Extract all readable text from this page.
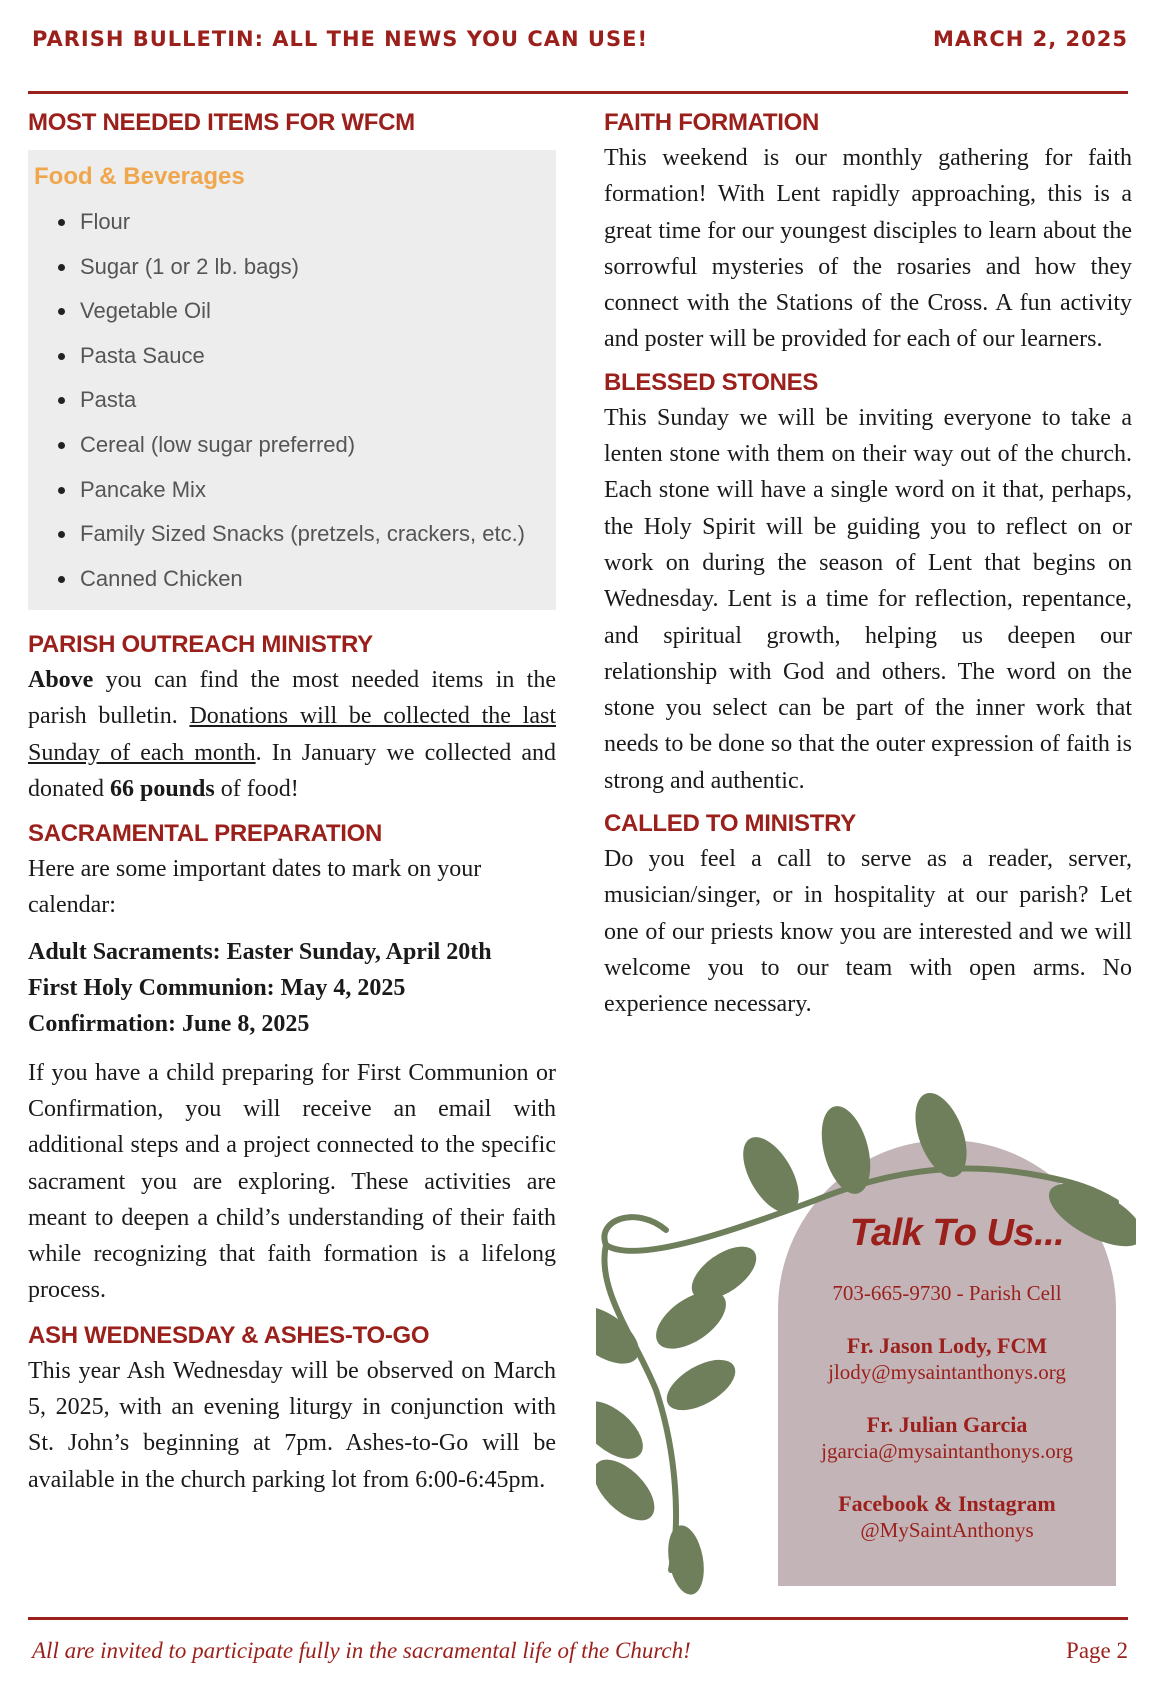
PARISH BULLETIN: ALL THE NEWS YOU CAN USE!	MARCH 2, 2025
MOST NEEDED ITEMS FOR WFCM
Food & Beverages
Flour
Sugar (1 or 2 lb. bags)
Vegetable Oil
Pasta Sauce
Pasta
Cereal (low sugar preferred)
Pancake Mix
Family Sized Snacks (pretzels, crackers, etc.)
Canned Chicken
PARISH OUTREACH MINISTRY

Above you can find the most needed items in the parish bulletin. Donations will be collected the last Sunday of each month. In January we collected and donated 66 pounds of food!

SACRAMENTAL PREPARATION

Here are some important dates to mark on your calendar:

Adult Sacraments: Easter Sunday, April 20th
First Holy Communion: May 4, 2025
Confirmation: June 8, 2025

If you have a child preparing for First Communion or Confirmation, you will receive an email with additional steps and a project connected to the specific sacrament you are exploring. These activities are meant to deepen a child’s understanding of their faith while recognizing that faith formation is a lifelong process.

ASH WEDNESDAY & ASHES-TO-GO

This year Ash Wednesday will be observed on March 5, 2025, with an evening liturgy in conjunction with St. John’s beginning at 7pm. Ashes-to-Go will be available in the church parking lot from 6:00-6:45pm.

FAITH FORMATION

This weekend is our monthly gathering for faith formation! With Lent rapidly approaching, this is a great time for our youngest disciples to learn about the sorrowful mysteries of the rosaries and how they connect with the Stations of the Cross. A fun activity and poster will be provided for each of our learners.

BLESSED STONES

This Sunday we will be inviting everyone to take a lenten stone with them on their way out of the church. Each stone will have a single word on it that, perhaps, the Holy Spirit will be guiding you to reflect on or work on during the season of Lent that begins on Wednesday. Lent is a time for reflection, repentance, and spiritual growth, helping us deepen our relationship with God and others. The word on the stone you select can be part of the inner work that needs to be done so that the outer expression of faith is strong and authentic.

CALLED TO MINISTRY

Do you feel a call to serve as a reader, server, musician/singer, or in hospitality at our parish? Let one of our priests know you are interested and we will welcome you to our team with open arms. No experience necessary.

Talk To Us...
703-665-9730 - Parish Cell
Fr. Jason Lody, FCM
jlody@mysaintanthonys.org
Fr. Julian Garcia
jgarcia@mysaintanthonys.org
Facebook & Instagram
@MySaintAnthonys
All are invited to participate fully in the sacramental life of the Church!	Page 2
